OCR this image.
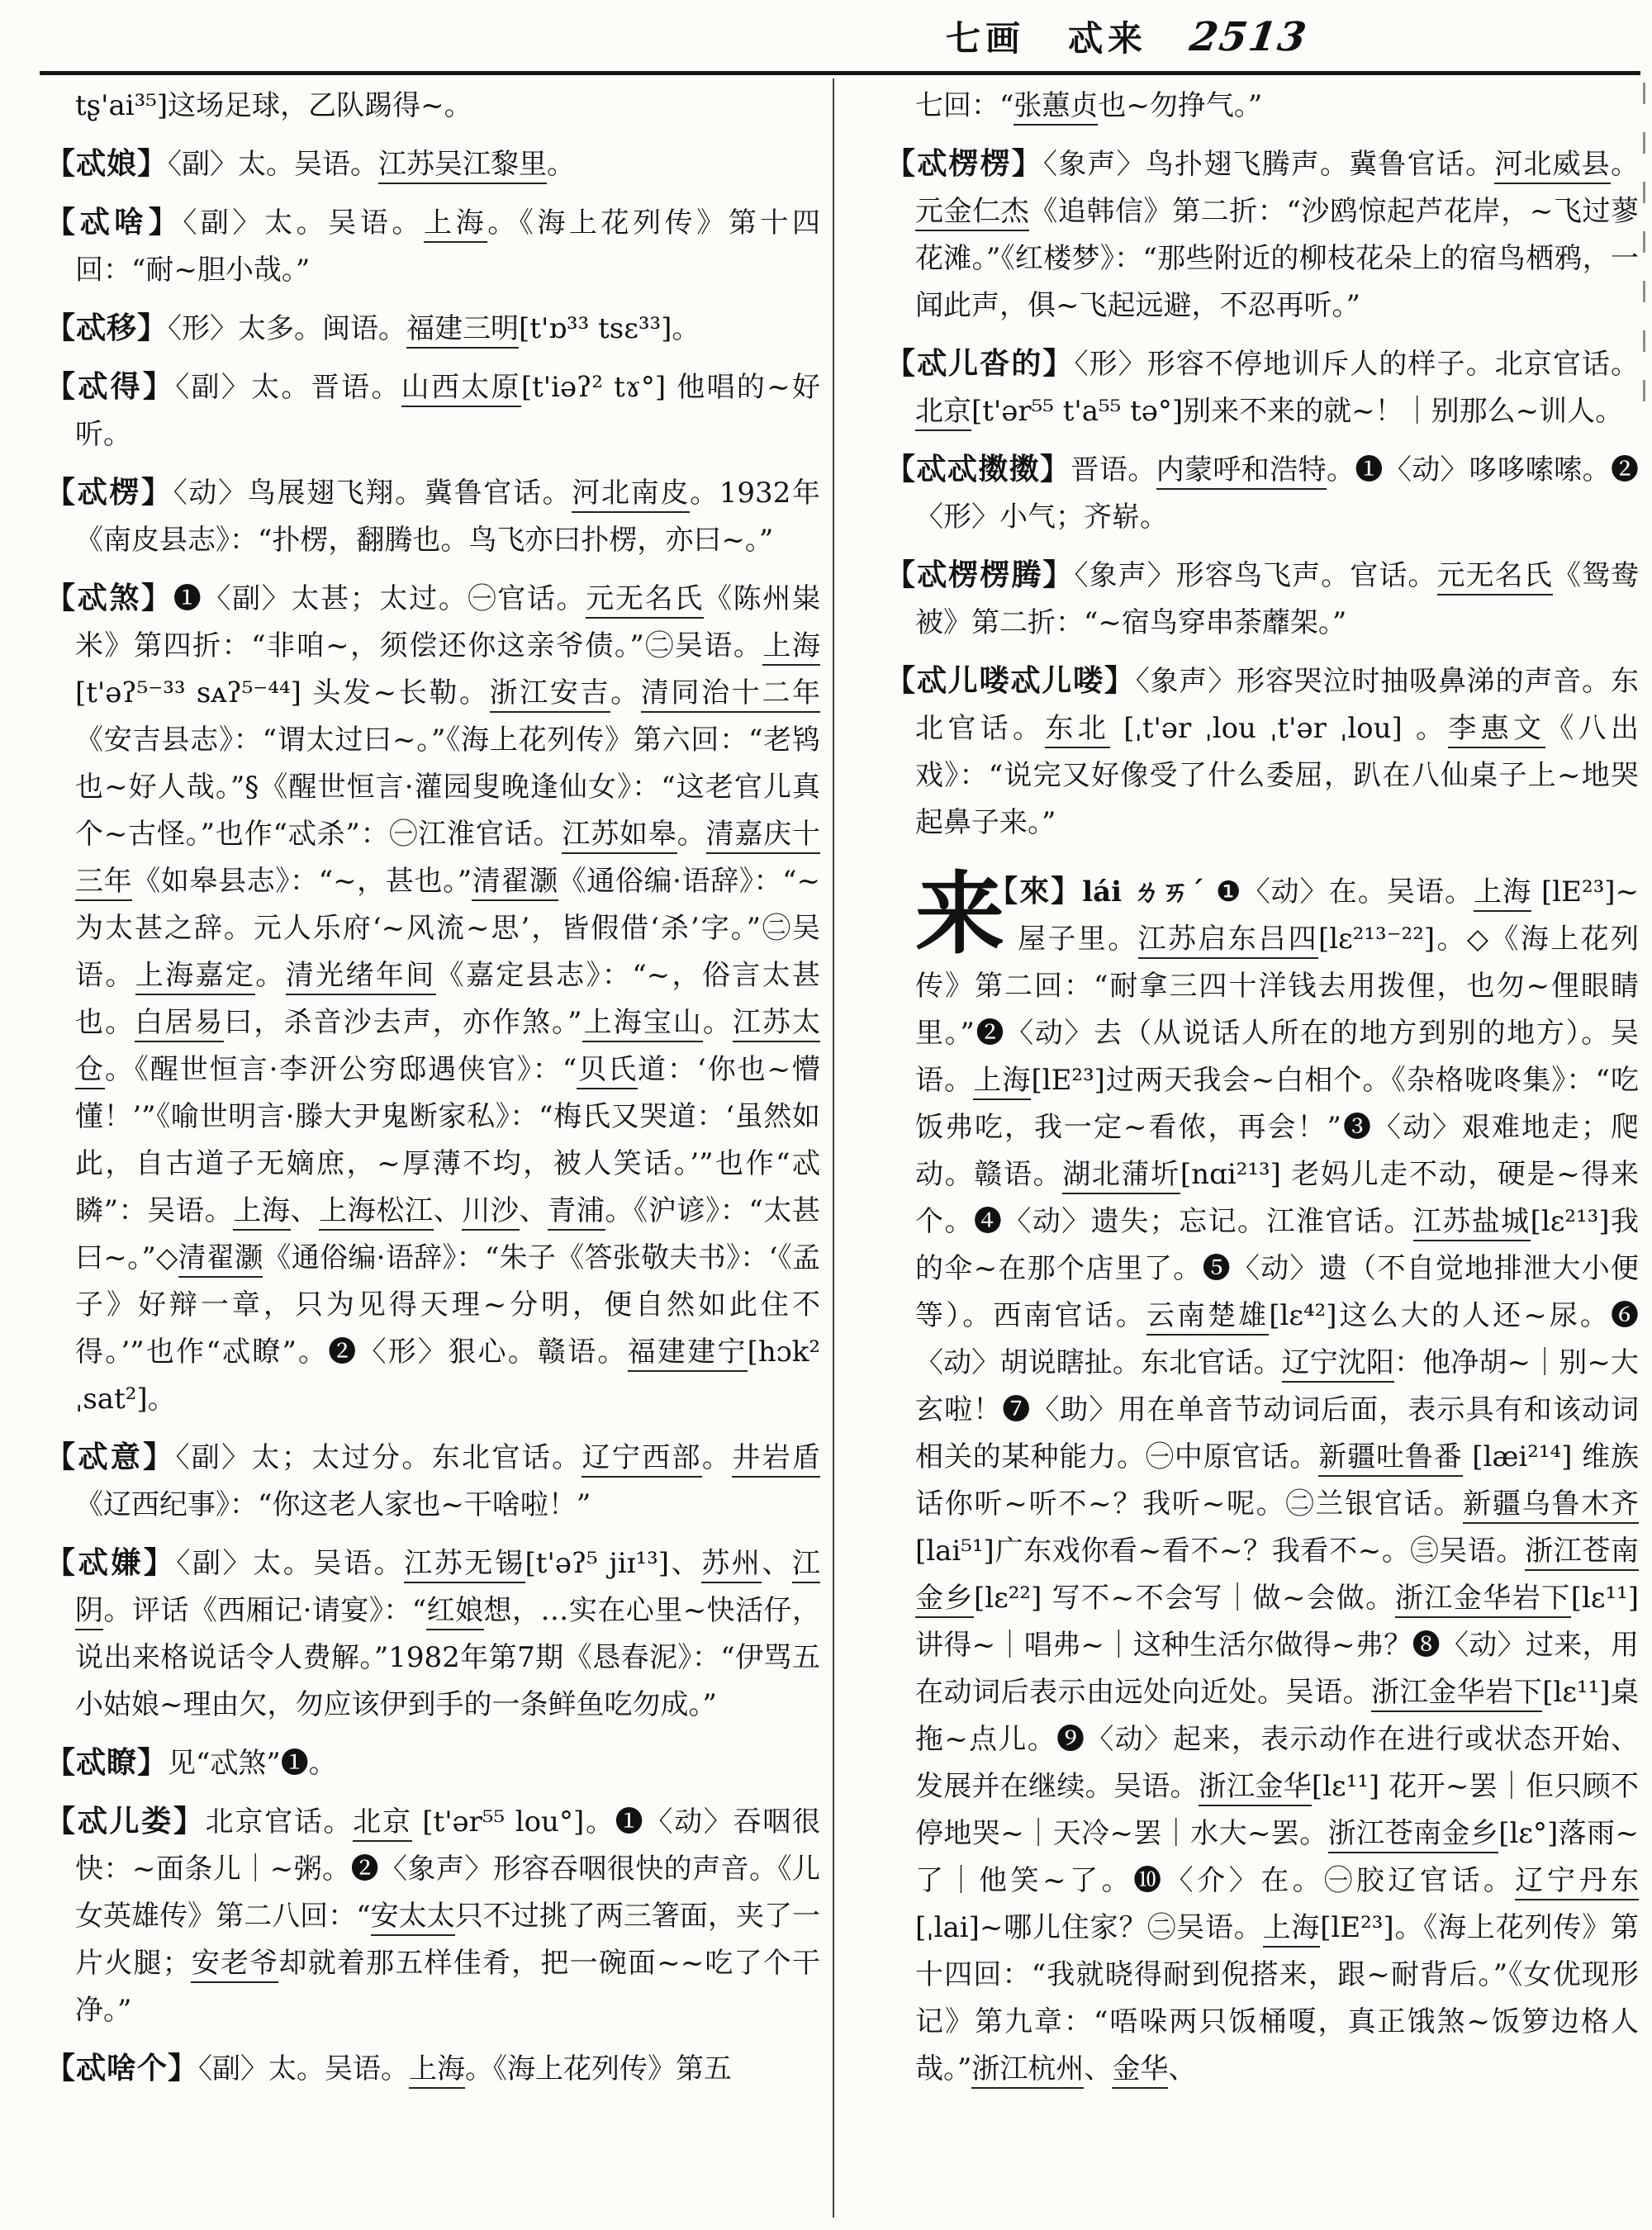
七画 忒来 2513

tʂ'ai³⁵]这场足球，乙队踢得~。

【忒娘】〈副〉太。吴语。江苏吴江黎里。

【忒啥】〈副〉太。吴语。上海。《海上花列传》第十四回：“耐~胆小哉。”

【忒移】〈形〉太多。闽语。福建三明[t'ɒ³³ tsɛ³³]。

【忒得】〈副〉太。晋语。山西太原[t'iəʔ² tɤ°] 他唱的~好听。

【忒楞】〈动〉鸟展翅飞翔。冀鲁官话。河北南皮。1932年《南皮县志》：“扑楞，翻腾也。鸟飞亦曰扑楞，亦曰~。”

【忒煞】❶〈副〉太甚；太过。㊀官话。元无名氏《陈州粜米》第四折：“非咱~，须偿还你这亲爷债。”㊁吴语。上海[t'əʔ⁵⁻³³ sᴀʔ⁵⁻⁴⁴] 头发~长勒。浙江安吉。清同治十二年《安吉县志》：“谓太过曰~。”《海上花列传》第六回：“老鸨也~好人哉。”§《醒世恒言·灌园叟晚逢仙女》：“这老官儿真个~古怪。”也作“忒杀”：㊀江淮官话。江苏如皋。清嘉庆十三年《如皋县志》：“~，甚也。”清翟灏《通俗编·语辞》：“~为太甚之辞。元人乐府‘~风流~思’，皆假借‘杀’字。”㊁吴语。上海嘉定。清光绪年间《嘉定县志》：“~，俗言太甚也。白居易曰，杀音沙去声，亦作煞。”上海宝山。江苏太仓。《醒世恒言·李汧公穷邸遇侠官》：“贝氏道：‘你也~懵懂！’”《喻世明言·滕大尹鬼断家私》：“梅氏又哭道：‘虽然如此，自古道子无嫡庶，~厚薄不均，被人笑话。’”也作“忒瞵”：吴语。上海、上海松江、川沙、青浦。《沪谚》：“太甚曰~。”◇清翟灏《通俗编·语辞》：“朱子《答张敬夫书》：‘《孟子》好辩一章，只为见得天理~分明，便自然如此住不得。’”也作“忒瞭”。❷〈形〉狠心。赣语。福建建宁[hɔk² ˌsat²]。

【忒意】〈副〉太；太过分。东北官话。辽宁西部。井岩盾《辽西纪事》：“你这老人家也~干啥啦！”

【忒嫌】〈副〉太。吴语。江苏无锡[t'əʔ⁵ jiɪ¹³]、苏州、江阴。评话《西厢记·请宴》：“红娘想，…实在心里~快活仔，说出来格说话令人费解。”1982年第7期《恳春泥》：“伊骂五小姑娘~理由欠，勿应该伊到手的一条鲜鱼吃勿成。”

【忒瞭】见“忒煞”❶。

【忒儿娄】北京官话。北京 [t'ər⁵⁵ lou°]。❶〈动〉吞咽很快：~面条儿｜~粥。❷〈象声〉形容吞咽很快的声音。《儿女英雄传》第二八回：“安太太只不过挑了两三箸面，夹了一片火腿；安老爷却就着那五样佳肴，把一碗面~~吃了个干净。”

【忒啥个】〈副〉太。吴语。上海。《海上花列传》第五

七回：“张蕙贞也~勿挣气。”

【忒楞楞】〈象声〉鸟扑翅飞腾声。冀鲁官话。河北威县。元金仁杰《追韩信》第二折：“沙鸥惊起芦花岸，~飞过蓼花滩。”《红楼梦》：“那些附近的柳枝花朵上的宿鸟栖鸦，一闻此声，俱~飞起远避，不忍再听。”

【忒儿沓的】〈形〉形容不停地训斥人的样子。北京官话。北京[t'ər⁵⁵ t'a⁵⁵ tə°]别来不来的就~！｜别那么~训人。

【忒忒擞擞】晋语。内蒙呼和浩特。❶〈动〉哆哆嗦嗦。❷〈形〉小气；齐崭。

【忒楞楞腾】〈象声〉形容鸟飞声。官话。元无名氏《鸳鸯被》第二折：“~宿鸟穿串荼蘼架。”

【忒儿喽忒儿喽】〈象声〉形容哭泣时抽吸鼻涕的声音。东北官话。东北 [ˌt'ər ˌlou ˌt'ər ˌlou] 。李惠文《八出戏》：“说完又好像受了什么委屈，趴在八仙桌子上~地哭起鼻子来。”

来
【來】lái ㄌㄞˊ ❶〈动〉在。吴语。上海 [lE²³]~屋子里。江苏启东吕四[lɛ²¹³⁻²²]。◇《海上花列传》第二回：“耐拿三四十洋钱去用拨俚，也勿~俚眼睛里。”❷〈动〉去（从说话人所在的地方到别的地方）。吴语。上海[lE²³]过两天我会~白相个。《杂格咙咚集》：“吃饭弗吃，我一定~看侬，再会！”❸〈动〉艰难地走；爬动。赣语。湖北蒲圻[nɑi²¹³] 老妈儿走不动，硬是~得来个。❹〈动〉遗失；忘记。江淮官话。江苏盐城[lɛ²¹³]我的伞~在那个店里了。❺〈动〉遗（不自觉地排泄大小便等）。西南官话。云南楚雄[lɛ⁴²]这么大的人还~尿。❻〈动〉胡说瞎扯。东北官话。辽宁沈阳：他净胡~｜别~大玄啦！❼〈助〉用在单音节动词后面，表示具有和该动词相关的某种能力。㊀中原官话。新疆吐鲁番 [læi²¹⁴] 维族话你听~听不~？我听~呢。㊁兰银官话。新疆乌鲁木齐[lai⁵¹]广东戏你看~看不~？我看不~。㊂吴语。浙江苍南金乡[lɛ²²] 写不~不会写｜做~会做。浙江金华岩下[lɛ¹¹]讲得~｜唱弗~｜这种生活尔做得~弗？❽〈动〉过来，用在动词后表示由远处向近处。吴语。浙江金华岩下[lɛ¹¹]桌拖~点儿。❾〈动〉起来，表示动作在进行或状态开始、发展并在继续。吴语。浙江金华[lɛ¹¹] 花开~罢｜佢只顾不停地哭~｜天冷~罢｜水大~罢。浙江苍南金乡[lɛ°]落雨~了｜他笑~了。❿〈介〉在。㊀胶辽官话。辽宁丹东[ˌlai]~哪儿住家？㊁吴语。上海[lE²³]。《海上花列传》第十四回：“我就晓得耐到倪搭来，跟~耐背后。”《女优现形记》第九章：“唔哚两只饭桶嗄，真正饿煞~饭箩边格人哉。”浙江杭州、金华、
